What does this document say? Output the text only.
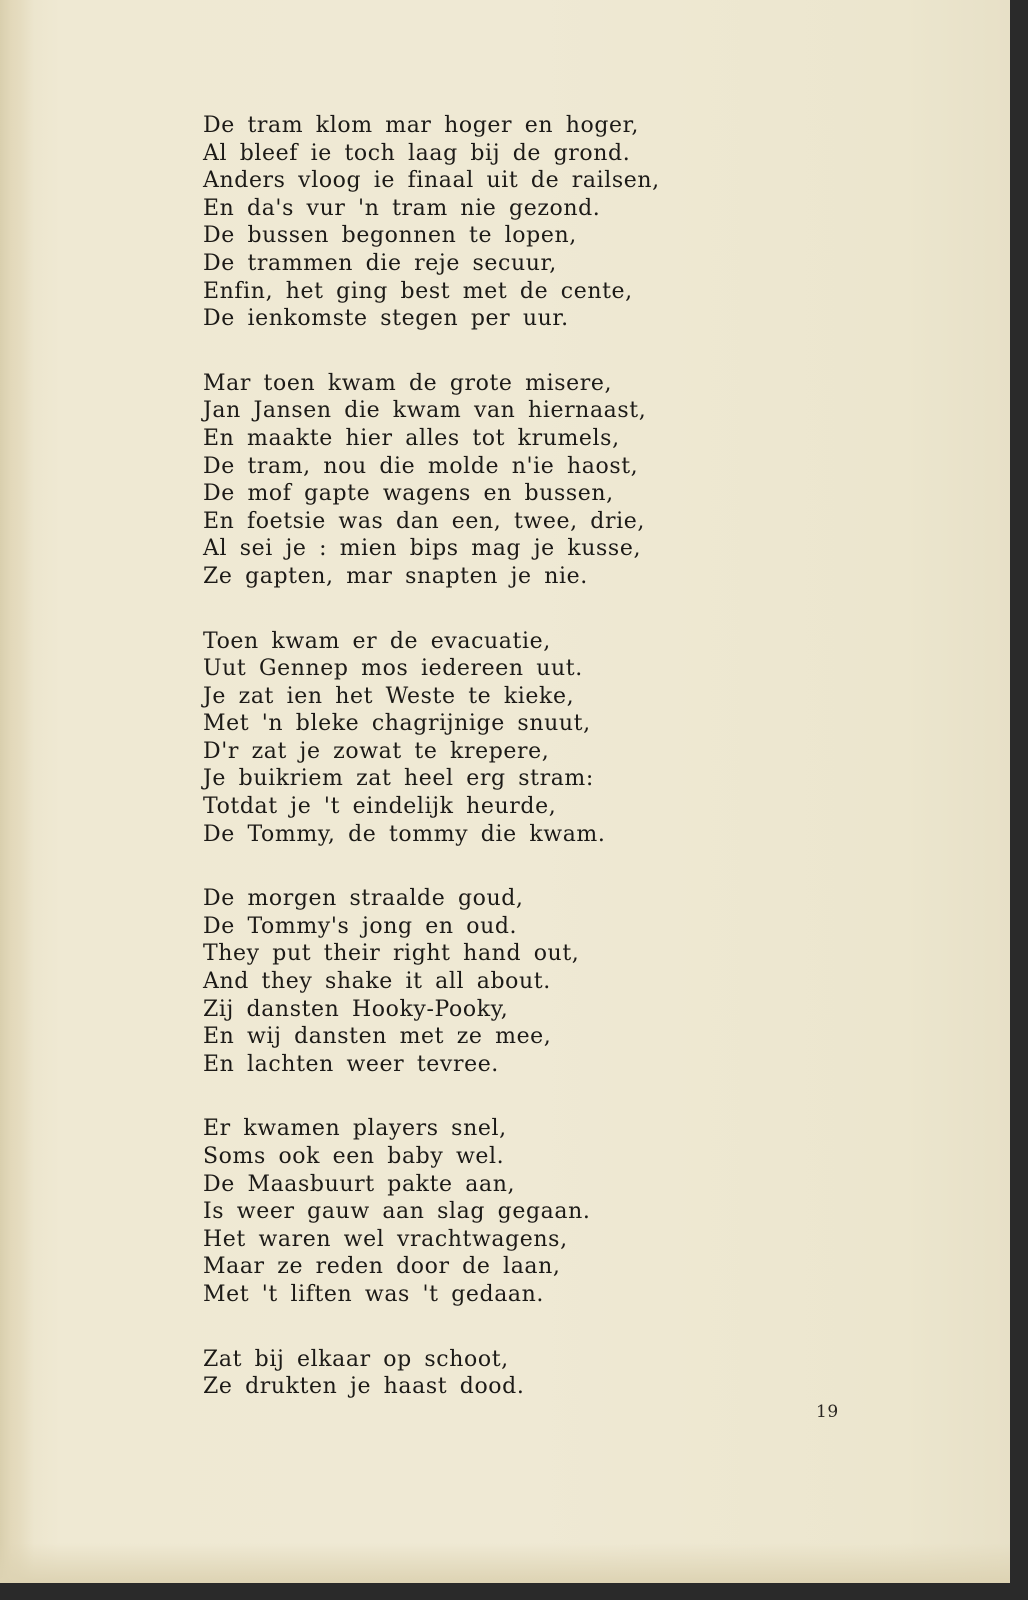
De tram klom mar hoger en hoger,
Al bleef ie toch laag bij de grond.
Anders vloog ie finaal uit de railsen,
En da's vur 'n tram nie gezond.
De bussen begonnen te lopen,
De trammen die reje secuur,
Enfin, het ging best met de cente,
De ienkomste stegen per uur.
Mar toen kwam de grote misere,
Jan Jansen die kwam van hiernaast,
En maakte hier alles tot krumels,
De tram, nou die molde n'ie haost,
De mof gapte wagens en bussen,
En foetsie was dan een, twee, drie,
Al sei je : mien bips mag je kusse,
Ze gapten, mar snapten je nie.
Toen kwam er de evacuatie,
Uut Gennep mos iedereen uut.
Je zat ien het Weste te kieke,
Met 'n bleke chagrijnige snuut,
D'r zat je zowat te krepere,
Je buikriem zat heel erg stram:
Totdat je 't eindelijk heurde,
De Tommy, de tommy die kwam.
De morgen straalde goud,
De Tommy's jong en oud.
They put their right hand out,
And they shake it all about.
Zij dansten Hooky-Pooky,
En wij dansten met ze mee,
En lachten weer tevree.
Er kwamen players snel,
Soms ook een baby wel.
De Maasbuurt pakte aan,
Is weer gauw aan slag gegaan.
Het waren wel vrachtwagens,
Maar ze reden door de laan,
Met 't liften was 't gedaan.
Zat bij elkaar op schoot,
Ze drukten je haast dood.
19
